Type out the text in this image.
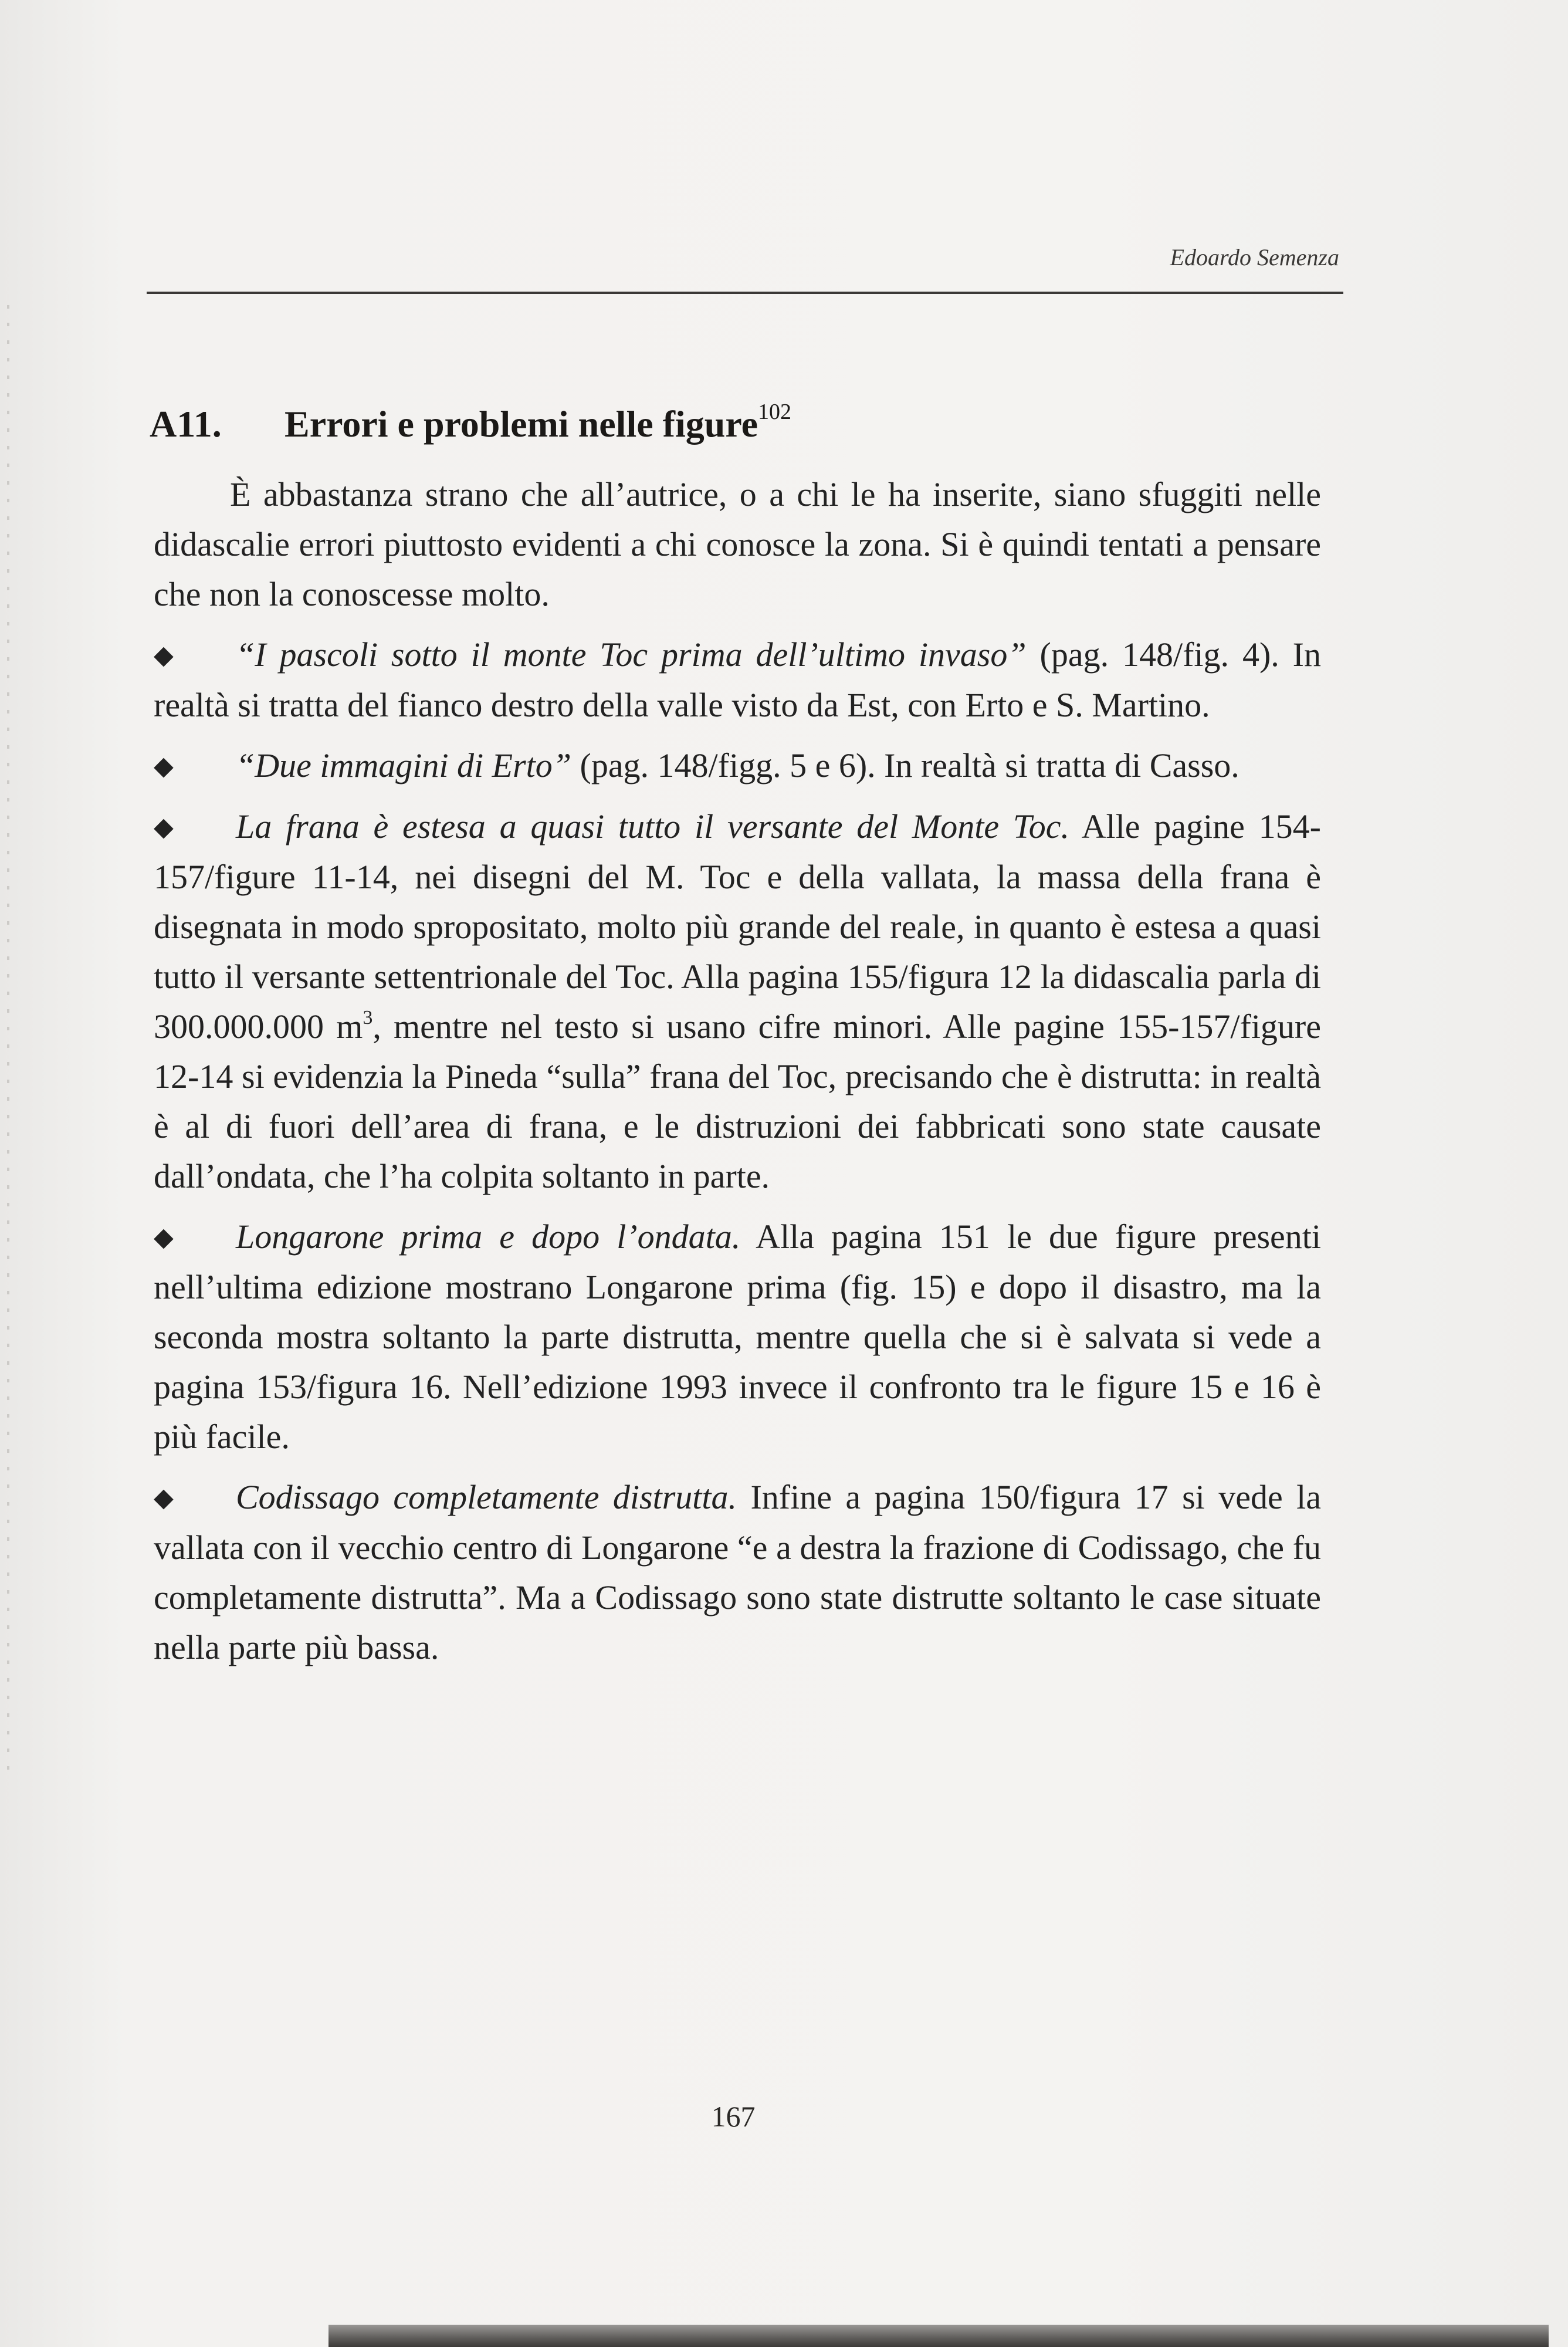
Edoardo Semenza
A11. Errori e problemi nelle figure$^{102}$

È abbastanza strano che all’autrice, o a chi le ha inserite, siano sfuggiti nelle didascalie errori piuttosto evidenti a chi conosce la zona. Si è quindi tentati a pensare che non la conoscesse molto.

◆ “I pascoli sotto il monte Toc prima dell’ultimo invaso” (pag. 148/fig. 4). In realtà si tratta del fianco destro della valle visto da Est, con Erto e S. Martino.

◆ “Due immagini di Erto” (pag. 148/figg. 5 e 6). In realtà si tratta di Casso.

◆ La frana è estesa a quasi tutto il versante del Monte Toc. Alle pagine 154-157/figure 11-14, nei disegni del M. Toc e della vallata, la massa della frana è disegnata in modo spropositato, molto più grande del reale, in quanto è estesa a quasi tutto il versante settentrionale del Toc. Alla pagina 155/figura 12 la didascalia parla di 300.000.000 $m^3$, mentre nel testo si usano cifre minori. Alle pagine 155-157/figure 12-14 si evidenzia la Pineda “sulla” frana del Toc, precisando che è distrutta: in realtà è al di fuori dell’area di frana, e le distruzioni dei fabbricati sono state causate dall’ondata, che l’ha colpita soltanto in parte.

◆ Longarone prima e dopo l’ondata. Alla pagina 151 le due figure presenti nell’ultima edizione mostrano Longarone prima (fig. 15) e dopo il disastro, ma la seconda mostra soltanto la parte distrutta, mentre quella che si è salvata si vede a pagina 153/figura 16. Nell’edizione 1993 invece il confronto tra le figure 15 e 16 è più facile.

◆ Codissago completamente distrutta. Infine a pagina 150/figura 17 si vede la vallata con il vecchio centro di Longarone “e a destra la frazione di Codissago, che fu completamente distrutta”. Ma a Codissago sono state distrutte soltanto le case situate nella parte più bassa.

167
